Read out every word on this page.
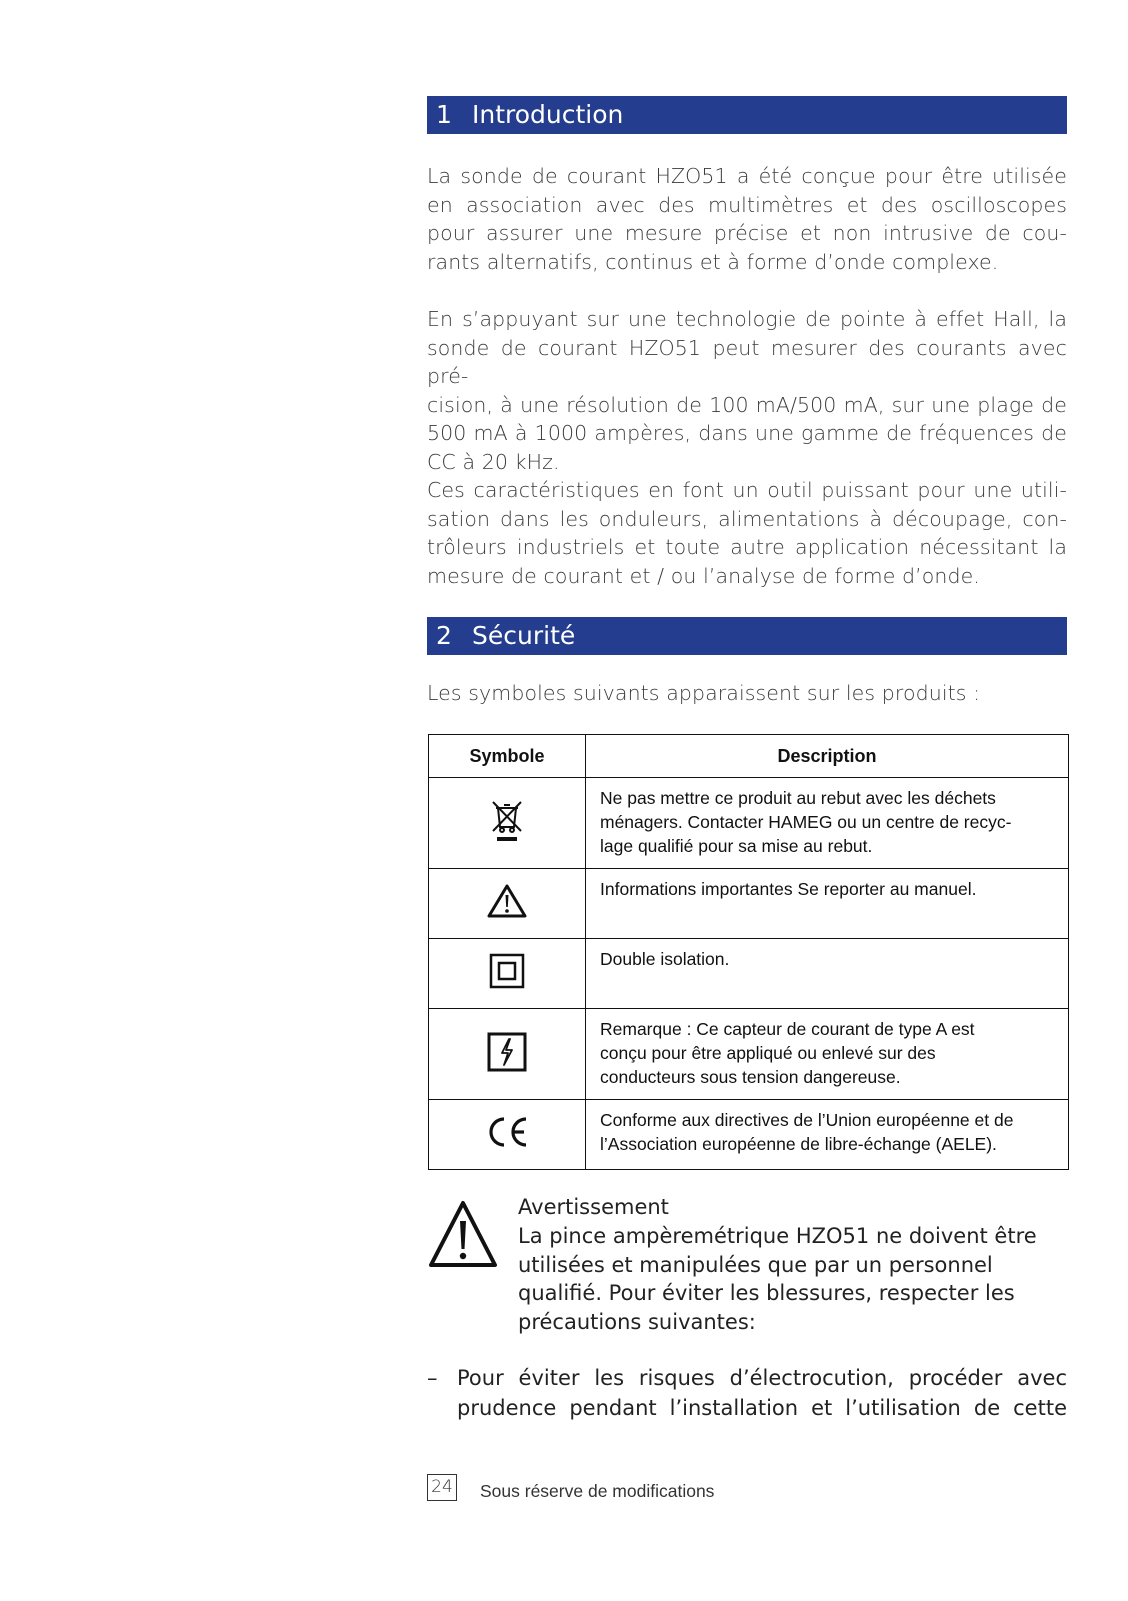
1 Introduction
La sonde de courant HZO51 a été conçue pour être utilisée
en association avec des multimètres et des oscilloscopes
pour assurer une mesure précise et non intrusive de cou-
rants alternatifs, continus et à forme d’onde complexe.
En s’appuyant sur une technologie de pointe à effet Hall, la
sonde de courant HZO51 peut mesurer des courants avec pré-
cision, à une résolution de 100 mA/500 mA, sur une plage de
500 mA à 1000 ampères, dans une gamme de fréquences de
CC à 20 kHz.
Ces caractéristiques en font un outil puissant pour une utili-
sation dans les onduleurs, alimentations à découpage, con-
trôleurs industriels et toute autre application nécessitant la
mesure de courant et / ou l’analyse de forme d’onde.
2 Sécurité
Les symboles suivants apparaissent sur les produits :
Symbole	Description

Ne pas mettre ce produit au rebut avec les déchets
ménagers. Contacter HAMEG ou un centre de recyc-
lage qualifié pour sa mise au rebut.

Informations importantes Se reporter au manuel.

Double isolation.

Remarque : Ce capteur de courant de type A est
conçu pour être appliqué ou enlevé sur des
conducteurs sous tension dangereuse.

Conforme aux directives de l’Union européenne et de
l’Association européenne de libre-échange (AELE).
Avertissement
La pince ampèremétrique HZO51 ne doivent être
utilisées et manipulées que par un personnel
qualifié. Pour éviter les blessures, respecter les
précautions suivantes:
– Pour éviter les risques d’électrocution, procéder avec
prudence pendant l’installation et l’utilisation de cette
24 Sous réserve de modifications
